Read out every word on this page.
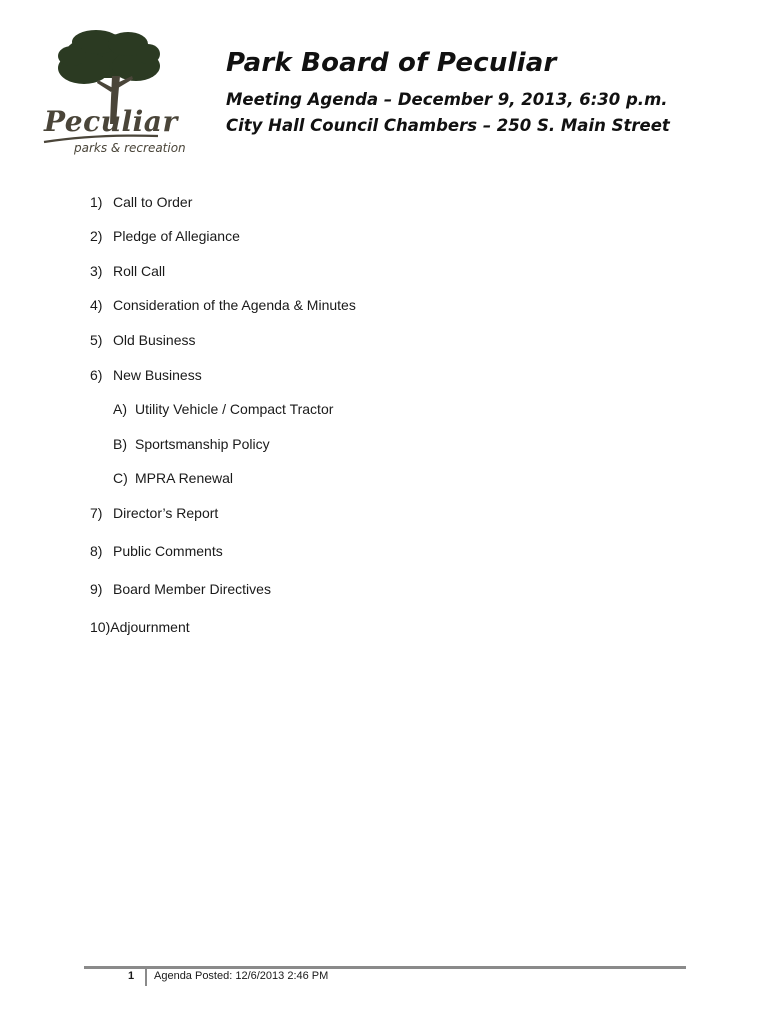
Peculiar
parks & recreation
Park Board of Peculiar

Meeting Agenda – December 9, 2013, 6:30 p.m.

City Hall Council Chambers – 250 S. Main Street

1) Call to Order
2) Pledge of Allegiance
3) Roll Call
4) Consideration of the Agenda & Minutes
5) Old Business
6) New Business
A) Utility Vehicle / Compact Tractor
B) Sportsmanship Policy
C) MPRA Renewal
7) Director’s Report
8) Public Comments
9) Board Member Directives
10)Adjournment
1 Agenda Posted: 12/6/2013 2:46 PM
